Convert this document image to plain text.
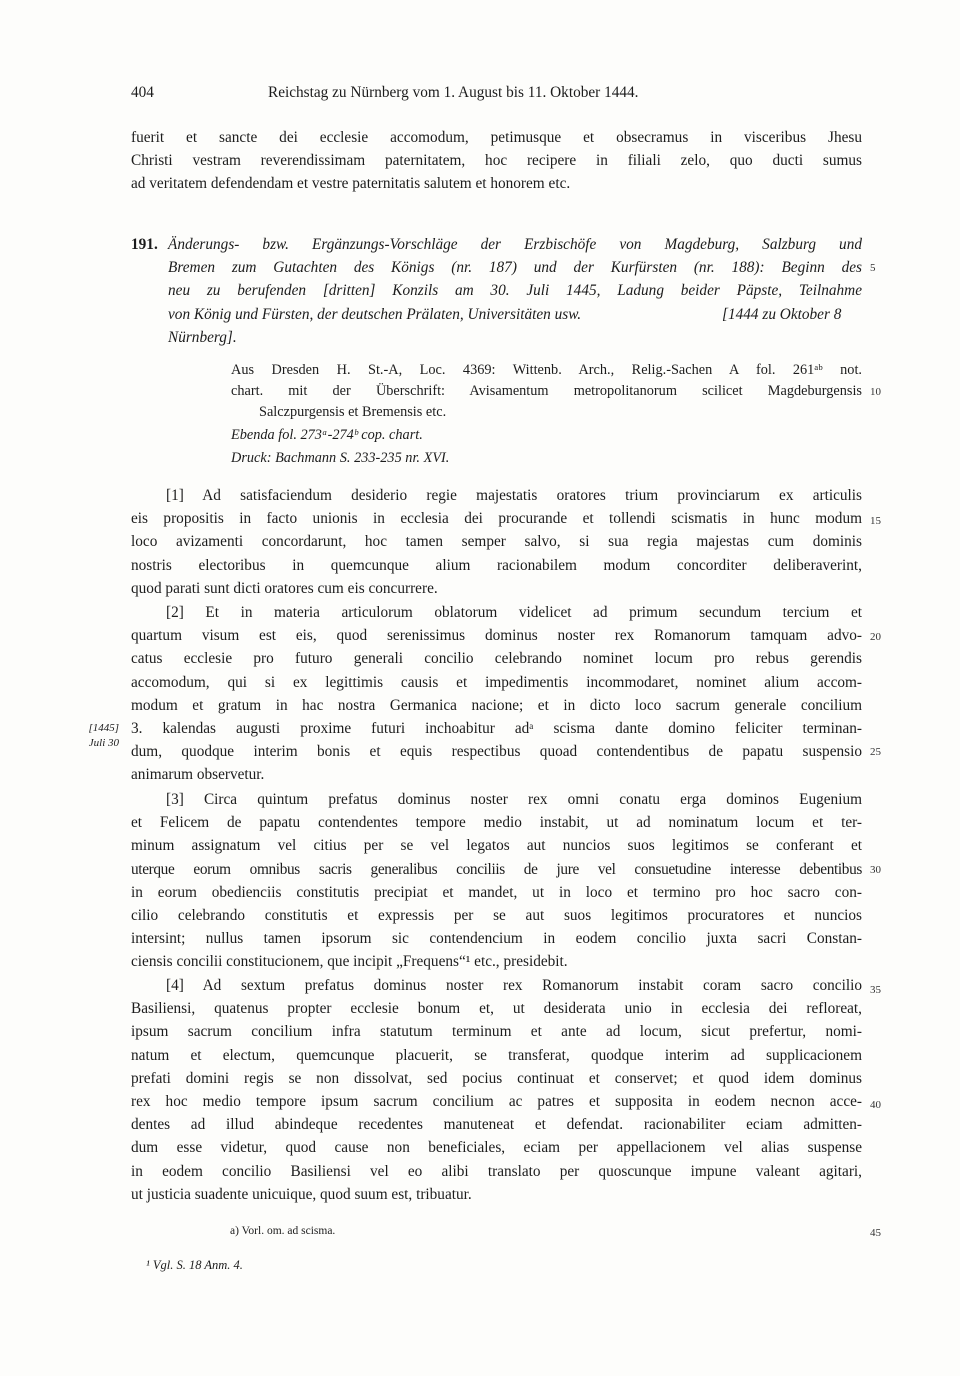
404	Reichstag zu Nürnberg vom 1. August bis 11. Oktober 1444.
fuerit et sancte dei ecclesie accomodum, petimusque et obsecramus in visceribus Jhesu
Christi vestram reverendissimam paternitatem, hoc recipere in filiali zelo, quo ducti sumus
ad veritatem defendendam et vestre paternitatis salutem et honorem etc.
191. Änderungs- bzw. Ergänzungs-Vorschläge der Erzbischöfe von Magdeburg, Salzburg und
Bremen zum Gutachten des Königs (nr. 187) und der Kurfürsten (nr. 188): Beginn des
neu zu berufenden [dritten] Konzils am 30. Juli 1445, Ladung beider Päpste, Teilnahme
von König und Fürsten, der deutschen Prälaten, Universitäten usw.	[1444 zu Oktober 8
Nürnberg].
Aus Dresden H. St.-A, Loc. 4369: Wittenb. Arch., Relig.-Sachen A fol. 261ᵃᵇ not.
chart. mit der Überschrift: Avisamentum metropolitanorum scilicet Magdeburgensis
Salczpurgensis et Bremensis etc.
Ebenda fol. 273ᵃ-274ᵇ cop. chart.
Druck: Bachmann S. 233-235 nr. XVI.
[1] Ad satisfaciendum desiderio regie majestatis oratores trium provinciarum ex articulis
eis propositis in facto unionis in ecclesia dei procurande et tollendi scismatis in hunc modum
loco avizamenti concordarunt, hoc tamen semper salvo, si sua regia majestas cum dominis
nostris electoribus in quemcunque alium racionabilem modum concorditer deliberaverint,
quod parati sunt dicti oratores cum eis concurrere.
[2] Et in materia articulorum oblatorum videlicet ad primum secundum tercium et
quartum visum est eis, quod serenissimus dominus noster rex Romanorum tamquam advo-
catus ecclesie pro futuro generali concilio celebrando nominet locum pro rebus gerendis
accomodum, qui si ex legittimis causis et impedimentis incommodaret, nominet alium accom-
modum et gratum in hac nostra Germanica nacione; et in dicto loco sacrum generale concilium
3. kalendas augusti proxime futuri inchoabitur adᵃ scisma dante domino feliciter terminan-
dum, quodque interim bonis et equis respectibus quoad contendentibus de papatu suspensio
animarum observetur.
[3] Circa quintum prefatus dominus noster rex omni conatu erga dominos Eugenium
et Felicem de papatu contendentes tempore medio instabit, ut ad nominatum locum et ter-
minum assignatum vel citius per se vel legatos aut nuncios suos legitimos se conferant et
uterque eorum omnibus sacris generalibus conciliis de jure vel consuetudine interesse debentibus
in eorum obedienciis constitutis precipiat et mandet, ut in loco et termino pro hoc sacro con-
cilio celebrando constitutis et expressis per se aut suos legitimos procuratores et nuncios
intersint; nullus tamen ipsorum sic contendencium in eodem concilio juxta sacri Constan-
ciensis concilii constitucionem, que incipit „Frequens“¹ etc., presidebit.
[4] Ad sextum prefatus dominus noster rex Romanorum instabit coram sacro concilio
Basiliensi, quatenus propter ecclesie bonum et, ut desiderata unio in ecclesia dei refloreat,
ipsum sacrum concilium infra statutum terminum et ante ad locum, sicut prefertur, nomi-
natum et electum, quemcunque placuerit, se transferat, quodque interim ad supplicacionem
prefati domini regis se non dissolvat, sed pocius continuat et conservet; et quod idem dominus
rex hoc medio tempore ipsum sacrum concilium ac patres et supposita in eodem necnon acce-
dentes ad illud abindeque recedentes manuteneat et defendat. racionabiliter eciam admitten-
dum esse videtur, quod cause non beneficiales, eciam per appellacionem vel alias suspense
in eodem concilio Basiliensi vel eo alibi translato per quoscunque impune valeant agitari,
ut justicia suadente unicuique, quod suum est, tribuatur.
[1445]
Juli 30
5
10
15
20
25
30
35
40
45
a) Vorl. om. ad scisma.
¹ Vgl. S. 18 Anm. 4.
